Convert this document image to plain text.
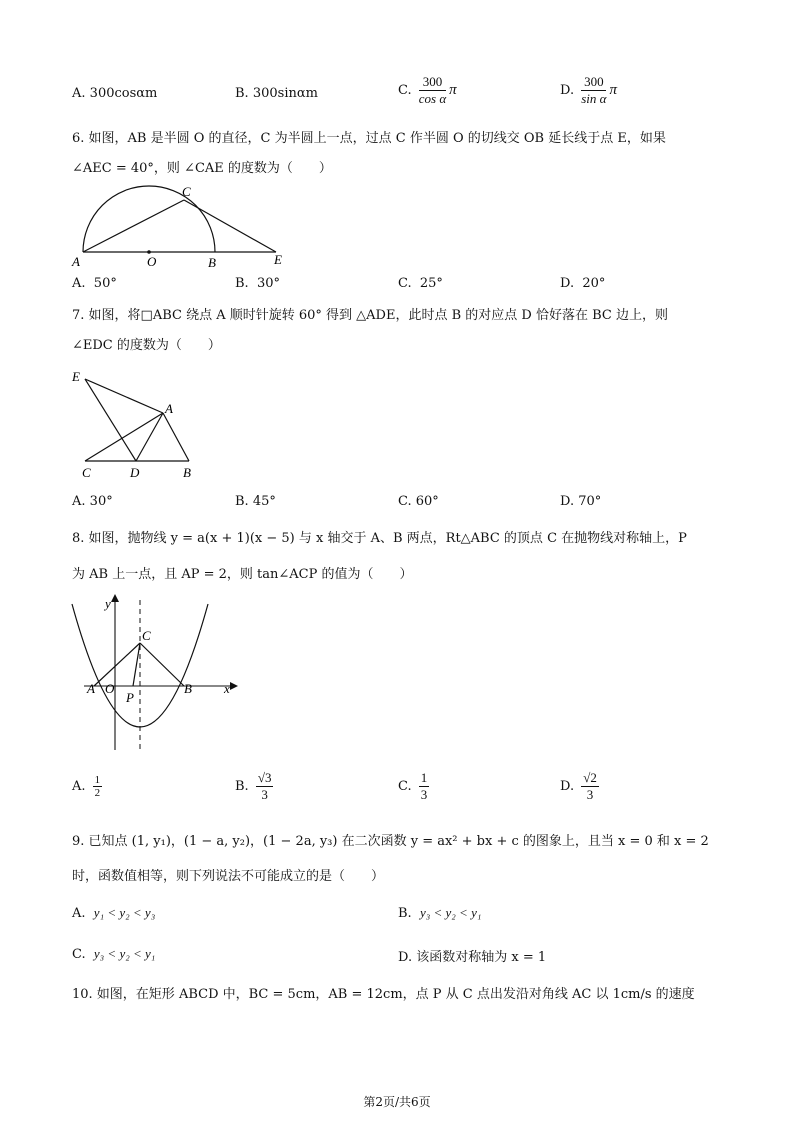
A. 300cosαm	B. 300sinαm	C. $\frac{300}{\text{cos α}}$ π	D. $\frac{300}{\text{sin α}}$ π
6. 如图，AB 是半圆 O 的直径，C 为半圆上一点，过点 C 作半圆 O 的切线交 OB 延长线于点 E，如果
∠AEC = 40°，则 ∠CAE 的度数为（　　）
A	O	B
C
E
A. 50°	B. 30°	C. 25°	D. 20°
7. 如图，将□ABC 绕点 A 顺时针旋转 60° 得到 △ADE，此时点 B 的对应点 D 恰好落在 BC 边上，则
∠EDC 的度数为（　　）
E
A
C	D	B
A. 30°	B. 45°	C. 60°	D. 70°
8. 如图，抛物线 y = a(x + 1)(x − 5) 与 x 轴交于 A、B 两点，Rt△ABC 的顶点 C 在抛物线对称轴上，P
为 AB 上一点，且 AP = 2，则 tan∠ACP 的值为（　　）
y
x
C
A O
P
B
A. $\frac{1}{2}$	B. $\frac{√3}{3}$	C. $\frac{1}{3}$	D. $\frac{√2}{3}$
9. 已知点 (1, y₁)，(1 − a, y₂)，(1 − 2a, y₃) 在二次函数 y = ax² + bx + c 的图象上，且当 x = 0 和 x = 2
时，函数值相等，则下列说法不可能成立的是（　　）
A. y₁ < y₂ < y₃	B. y₃ < y₂ < y₁
C. y₃ < y₂ < y₁	D. 该函数对称轴为 x = 1
10. 如图，在矩形 ABCD 中，BC = 5cm，AB = 12cm，点 P 从 C 点出发沿对角线 AC 以 1cm/s 的速度
第2页/共6页
